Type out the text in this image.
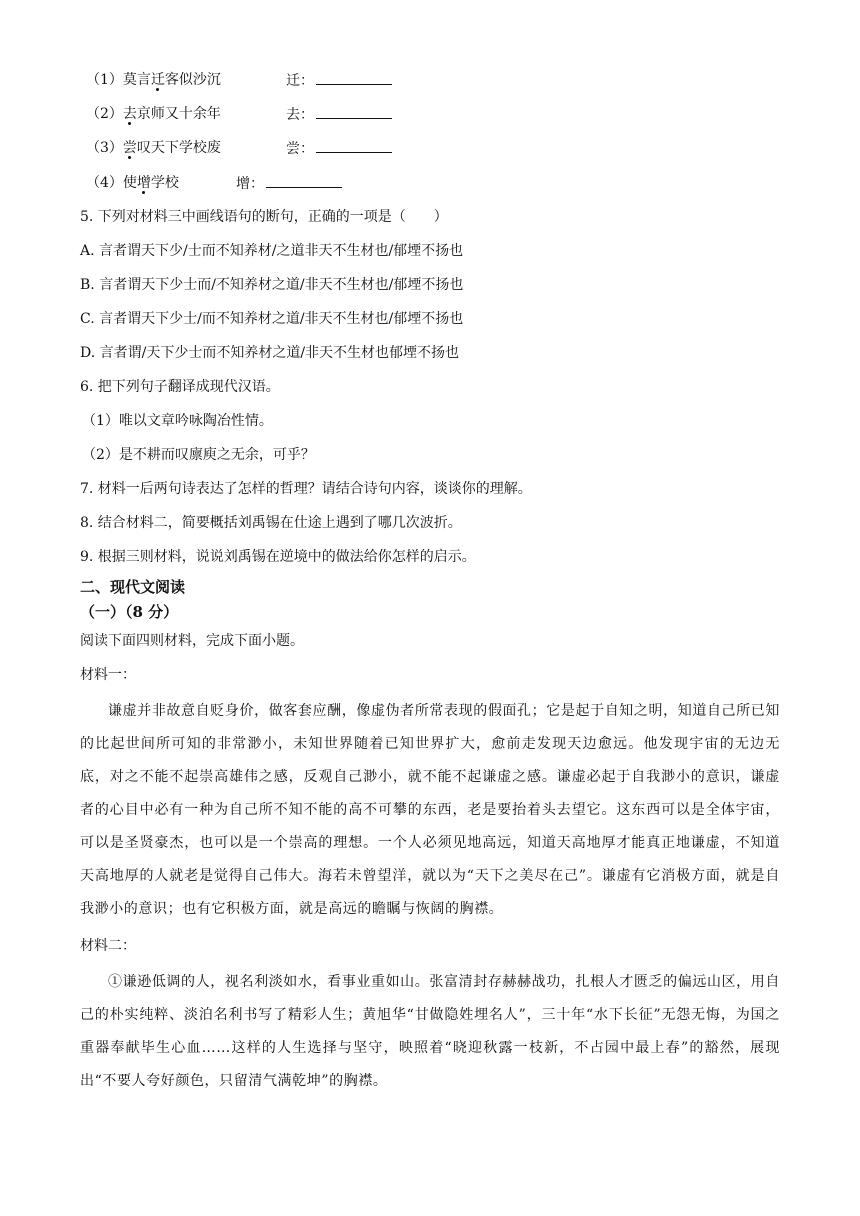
（1）莫言迁客似沙沉	迁：
（2）去京师又十余年	去：
（3）尝叹天下学校废	尝：
（4）使增学校	增：
5. 下列对材料三中画线语句的断句，正确的一项是（　　）
A. 言者谓天下少/士而不知养材/之道非天不生材也/郁堙不扬也
B. 言者谓天下少士而/不知养材之道/非天不生材也/郁堙不扬也
C. 言者谓天下少士/而不知养材之道/非天不生材也/郁堙不扬也
D. 言者谓/天下少士而不知养材之道/非天不生材也郁堙不扬也
6. 把下列句子翻译成现代汉语。
（1）唯以文章吟咏陶冶性情。
（2）是不耕而叹廪庾之无余，可乎？
7. 材料一后两句诗表达了怎样的哲理？请结合诗句内容，谈谈你的理解。
8. 结合材料二，简要概括刘禹锡在仕途上遇到了哪几次波折。
9. 根据三则材料，说说刘禹锡在逆境中的做法给你怎样的启示。
二、现代文阅读
（一）（8 分）
阅读下面四则材料，完成下面小题。
材料一：
谦虚并非故意自贬身价，做客套应酬，像虚伪者所常表现的假面孔；它是起于自知之明，知道自己所已知的比起世间所可知的非常渺小，未知世界随着已知世界扩大，愈前走发现天边愈远。他发现宇宙的无边无底，对之不能不起崇高雄伟之感，反观自己渺小，就不能不起谦虚之感。谦虚必起于自我渺小的意识，谦虚者的心目中必有一种为自己所不知不能的高不可攀的东西，老是要抬着头去望它。这东西可以是全体宇宙，可以是圣贤豪杰，也可以是一个崇高的理想。一个人必须见地高远，知道天高地厚才能真正地谦虚，不知道天高地厚的人就老是觉得自己伟大。海若未曾望洋，就以为“天下之美尽在己”。谦虚有它消极方面，就是自我渺小的意识；也有它积极方面，就是高远的瞻瞩与恢阔的胸襟。
材料二：
①谦逊低调的人，视名利淡如水，看事业重如山。张富清封存赫赫战功，扎根人才匮乏的偏远山区，用自己的朴实纯粹、淡泊名利书写了精彩人生；黄旭华“甘做隐姓埋名人”，三十年“水下长征”无怨无悔，为国之重器奉献毕生心血……这样的人生选择与坚守，映照着“晓迎秋露一枝新，不占园中最上春”的豁然，展现出“不要人夸好颜色，只留清气满乾坤”的胸襟。
